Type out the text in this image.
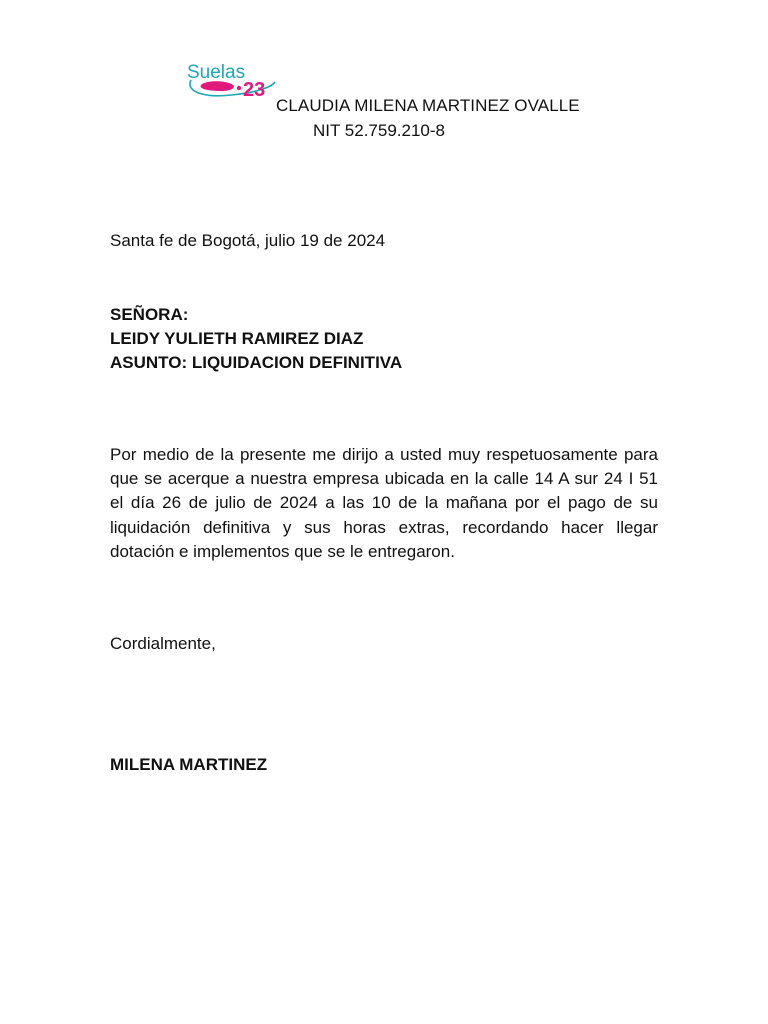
Suelas
23
CLAUDIA MILENA MARTINEZ OVALLE
NIT 52.759.210-8
Santa fe de Bogotá, julio 19 de 2024
SEÑORA:
LEIDY YULIETH RAMIREZ DIAZ
ASUNTO: LIQUIDACION DEFINITIVA
Por medio de la presente me dirijo a usted muy respetuosamente para que se acerque a nuestra empresa ubicada en la calle 14 A sur 24 I 51 el día 26 de julio de 2024 a las 10 de la mañana por el pago de su liquidación definitiva y sus horas extras, recordando hacer llegar dotación e implementos que se le entregaron.
Cordialmente,
MILENA MARTINEZ
